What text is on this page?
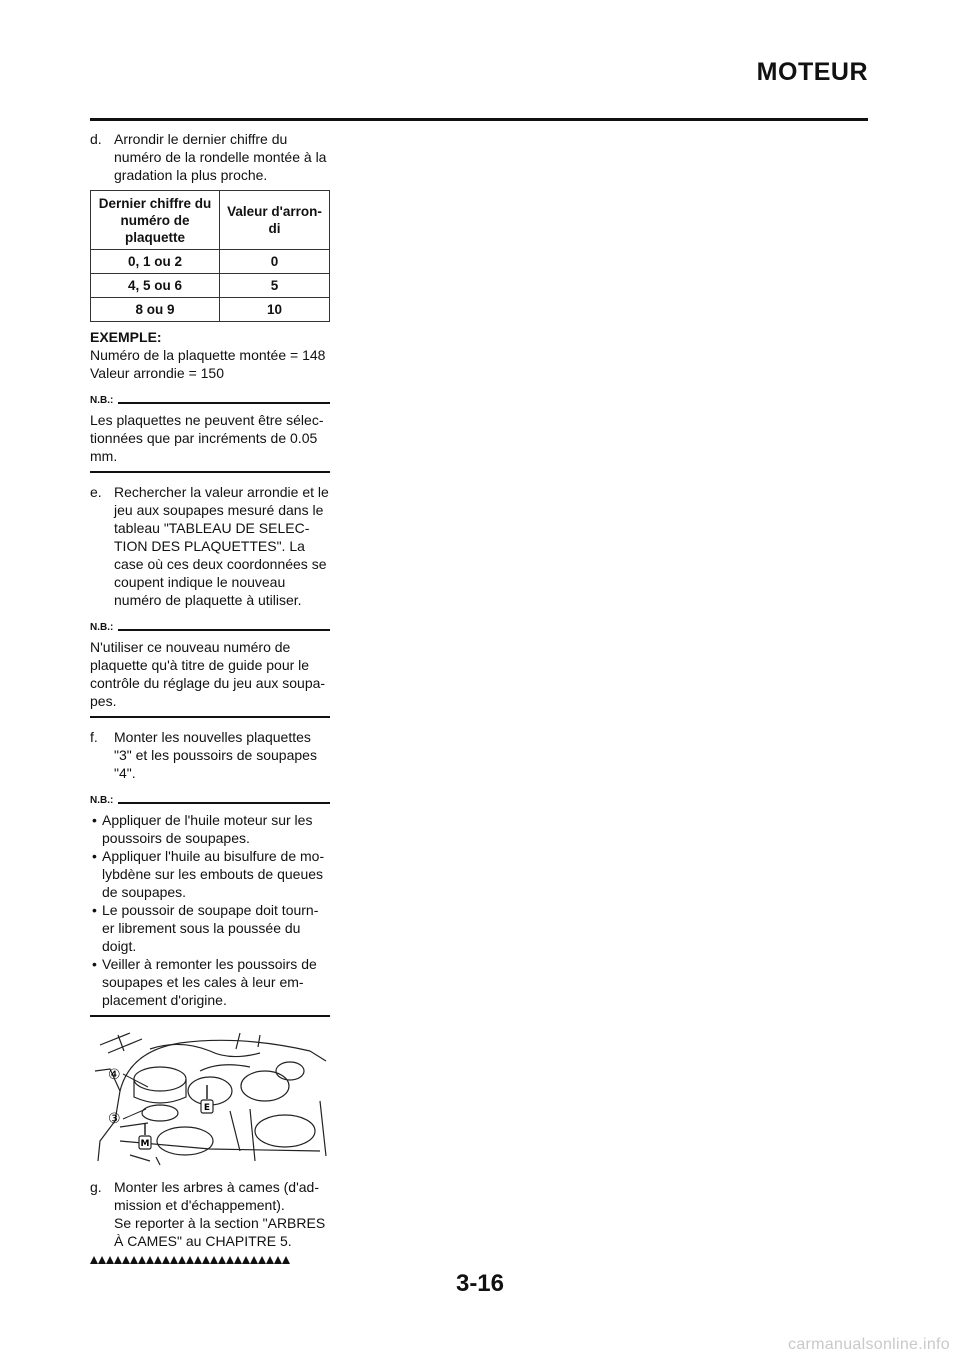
MOTEUR
d. Arrondir le dernier chiffre du numéro de la rondelle montée à la gradation la plus proche.
Dernier chiffre du numéro de plaquette	Valeur d'arron-di
0, 1 ou 2	0
4, 5 ou 6	5
8 ou 9	10
EXEMPLE:
Numéro de la plaquette montée = 148
Valeur arrondie = 150
N.B.:
Les plaquettes ne peuvent être sélec-tionnées que par incréments de 0.05 mm.
e. Rechercher la valeur arrondie et le jeu aux soupapes mesuré dans le tableau "TABLEAU DE SELEC-TION DES PLAQUETTES". La case où ces deux coordonnées se coupent indique le nouveau numéro de plaquette à utiliser.
N.B.:
N'utiliser ce nouveau numéro de plaquette qu'à titre de guide pour le contrôle du réglage du jeu aux soupa-pes.
f.	Monter les nouvelles plaquettes "3" et les poussoirs de soupapes "4".
N.B.:
• Appliquer de l'huile moteur sur les poussoirs de soupapes.
• Appliquer l'huile au bisulfure de mo-lybdène sur les embouts de queues de soupapes.
• Le poussoir de soupape doit tourn-er librement sous la poussée du doigt.
• Veiller à remonter les poussoirs de soupapes et les cales à leur em-placement d'origine.
④
③
E
M
g. Monter les arbres à cames (d'ad-mission et d'échappement).
Se reporter à la section "ARBRES À CAMES" au CHAPITRE 5.
3-16
carmanualsonline.info
